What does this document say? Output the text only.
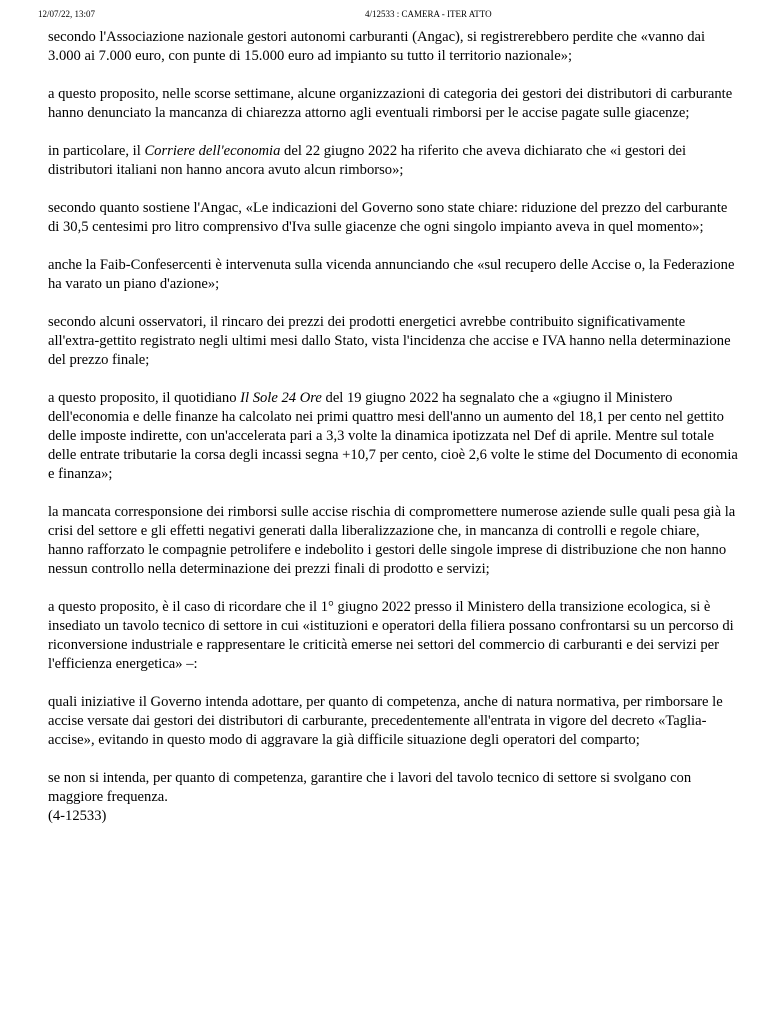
12/07/22, 13:07	4/12533 : CAMERA - ITER ATTO

secondo l'Associazione nazionale gestori autonomi carburanti (Angac), si registrerebbero perdite che «vanno dai 3.000 ai 7.000 euro, con punte di 15.000 euro ad impianto su tutto il territorio nazionale»;

a questo proposito, nelle scorse settimane, alcune organizzazioni di categoria dei gestori dei distributori di carburante hanno denunciato la mancanza di chiarezza attorno agli eventuali rimborsi per le accise pagate sulle giacenze;

in particolare, il Corriere dell'economia del 22 giugno 2022 ha riferito che aveva dichiarato che «i gestori dei distributori italiani non hanno ancora avuto alcun rimborso»;

secondo quanto sostiene l'Angac, «Le indicazioni del Governo sono state chiare: riduzione del prezzo del carburante di 30,5 centesimi pro litro comprensivo d'Iva sulle giacenze che ogni singolo impianto aveva in quel momento»;

anche la Faib-Confesercenti è intervenuta sulla vicenda annunciando che «sul recupero delle Accise o, la Federazione ha varato un piano d'azione»;

secondo alcuni osservatori, il rincaro dei prezzi dei prodotti energetici avrebbe contribuito significativamente all'extra-gettito registrato negli ultimi mesi dallo Stato, vista l'incidenza che accise e IVA hanno nella determinazione del prezzo finale;

a questo proposito, il quotidiano Il Sole 24 Ore del 19 giugno 2022 ha segnalato che a «giugno il Ministero dell'economia e delle finanze ha calcolato nei primi quattro mesi dell'anno un aumento del 18,1 per cento nel gettito delle imposte indirette, con un'accelerata pari a 3,3 volte la dinamica ipotizzata nel Def di aprile. Mentre sul totale delle entrate tributarie la corsa degli incassi segna +10,7 per cento, cioè 2,6 volte le stime del Documento di economia e finanza»;

la mancata corresponsione dei rimborsi sulle accise rischia di compromettere numerose aziende sulle quali pesa già la crisi del settore e gli effetti negativi generati dalla liberalizzazione che, in mancanza di controlli e regole chiare, hanno rafforzato le compagnie petrolifere e indebolito i gestori delle singole imprese di distribuzione che non hanno nessun controllo nella determinazione dei prezzi finali di prodotto e servizi;

a questo proposito, è il caso di ricordare che il 1° giugno 2022 presso il Ministero della transizione ecologica, si è insediato un tavolo tecnico di settore in cui «istituzioni e operatori della filiera possano confrontarsi su un percorso di riconversione industriale e rappresentare le criticità emerse nei settori del commercio di carburanti e dei servizi per l'efficienza energetica» –:

quali iniziative il Governo intenda adottare, per quanto di competenza, anche di natura normativa, per rimborsare le accise versate dai gestori dei distributori di carburante, precedentemente all'entrata in vigore del decreto «Taglia-accise», evitando in questo modo di aggravare la già difficile situazione degli operatori del comparto;

se non si intenda, per quanto di competenza, garantire che i lavori del tavolo tecnico di settore si svolgano con maggiore frequenza.

(4-12533)
